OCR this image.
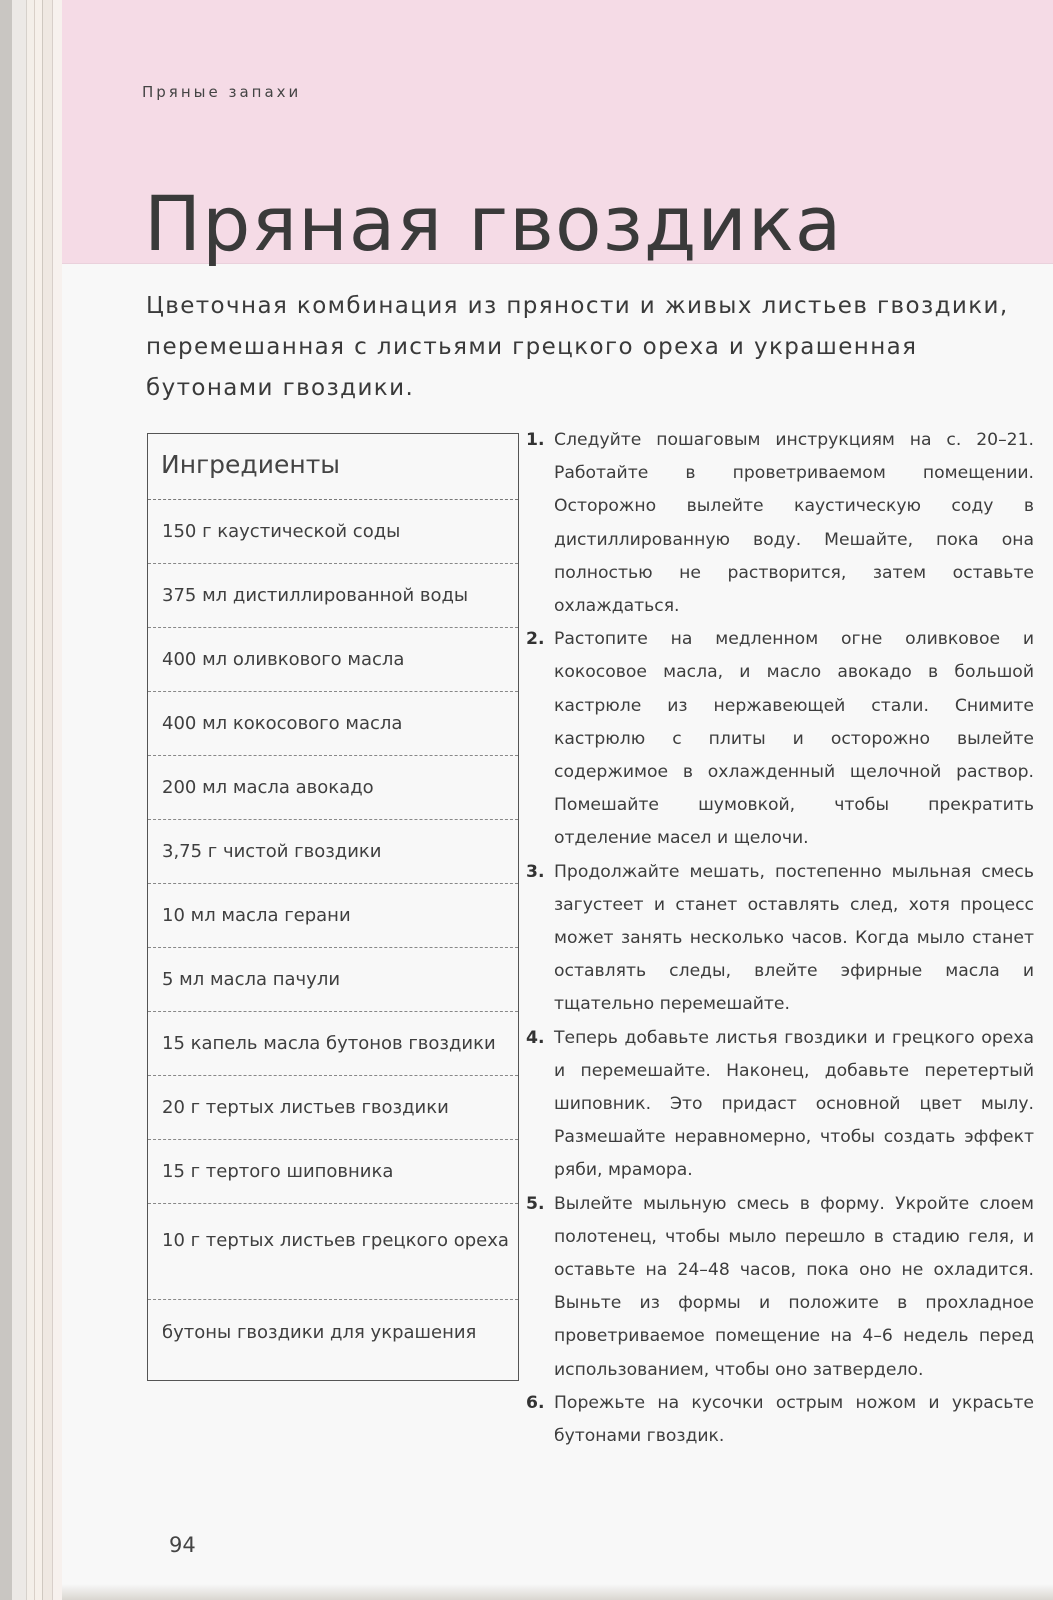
Пряные запахи
Пряная гвоздика
Цветочная комбинация из пряности и живых листьев гвоздики, перемешанная с листьями грецкого ореха и украшенная бутонами гвоздики.
Ингредиенты
150 г каустической соды
375 мл дистиллированной воды
400 мл оливкового масла
400 мл кокосового масла
200 мл масла авокадо
3,75 г чистой гвоздики
10 мл масла герани
5 мл масла пачули
15 капель масла бутонов гвоздики
20 г тертых листьев гвоздики
15 г тертого шиповника
10 г тертых листьев грецкого ореха
бутоны гвоздики для украшения
1. Следуйте пошаговым инструкциям на с. 20–21. Работайте в проветриваемом помещении. Осторожно вылейте каустическую соду в дистиллированную воду. Мешайте, пока она полностью не растворится, затем оставьте охлаждаться.
2. Растопите на медленном огне оливковое и кокосовое масла, и масло авокадо в большой кастрюле из нержавеющей стали. Снимите кастрюлю с плиты и осторожно вылейте содержимое в охлажденный щелочной раствор. Помешайте шумовкой, чтобы прекратить отделение масел и щелочи.
3. Продолжайте мешать, постепенно мыльная смесь загустеет и станет оставлять след, хотя процесс может занять несколько часов. Когда мыло станет оставлять следы, влейте эфирные масла и тщательно перемешайте.
4. Теперь добавьте листья гвоздики и грецкого ореха и перемешайте. Наконец, добавьте перетертый шиповник. Это придаст основной цвет мылу. Размешайте неравномерно, чтобы создать эффект ряби, мрамора.
5. Вылейте мыльную смесь в форму. Укройте слоем полотенец, чтобы мыло перешло в стадию геля, и оставьте на 24–48 часов, пока оно не охладится. Выньте из формы и положите в прохладное проветриваемое помещение на 4–6 недель перед использованием, чтобы оно затвердело.
6. Порежьте на кусочки острым ножом и украсьте бутонами гвоздик.
94
